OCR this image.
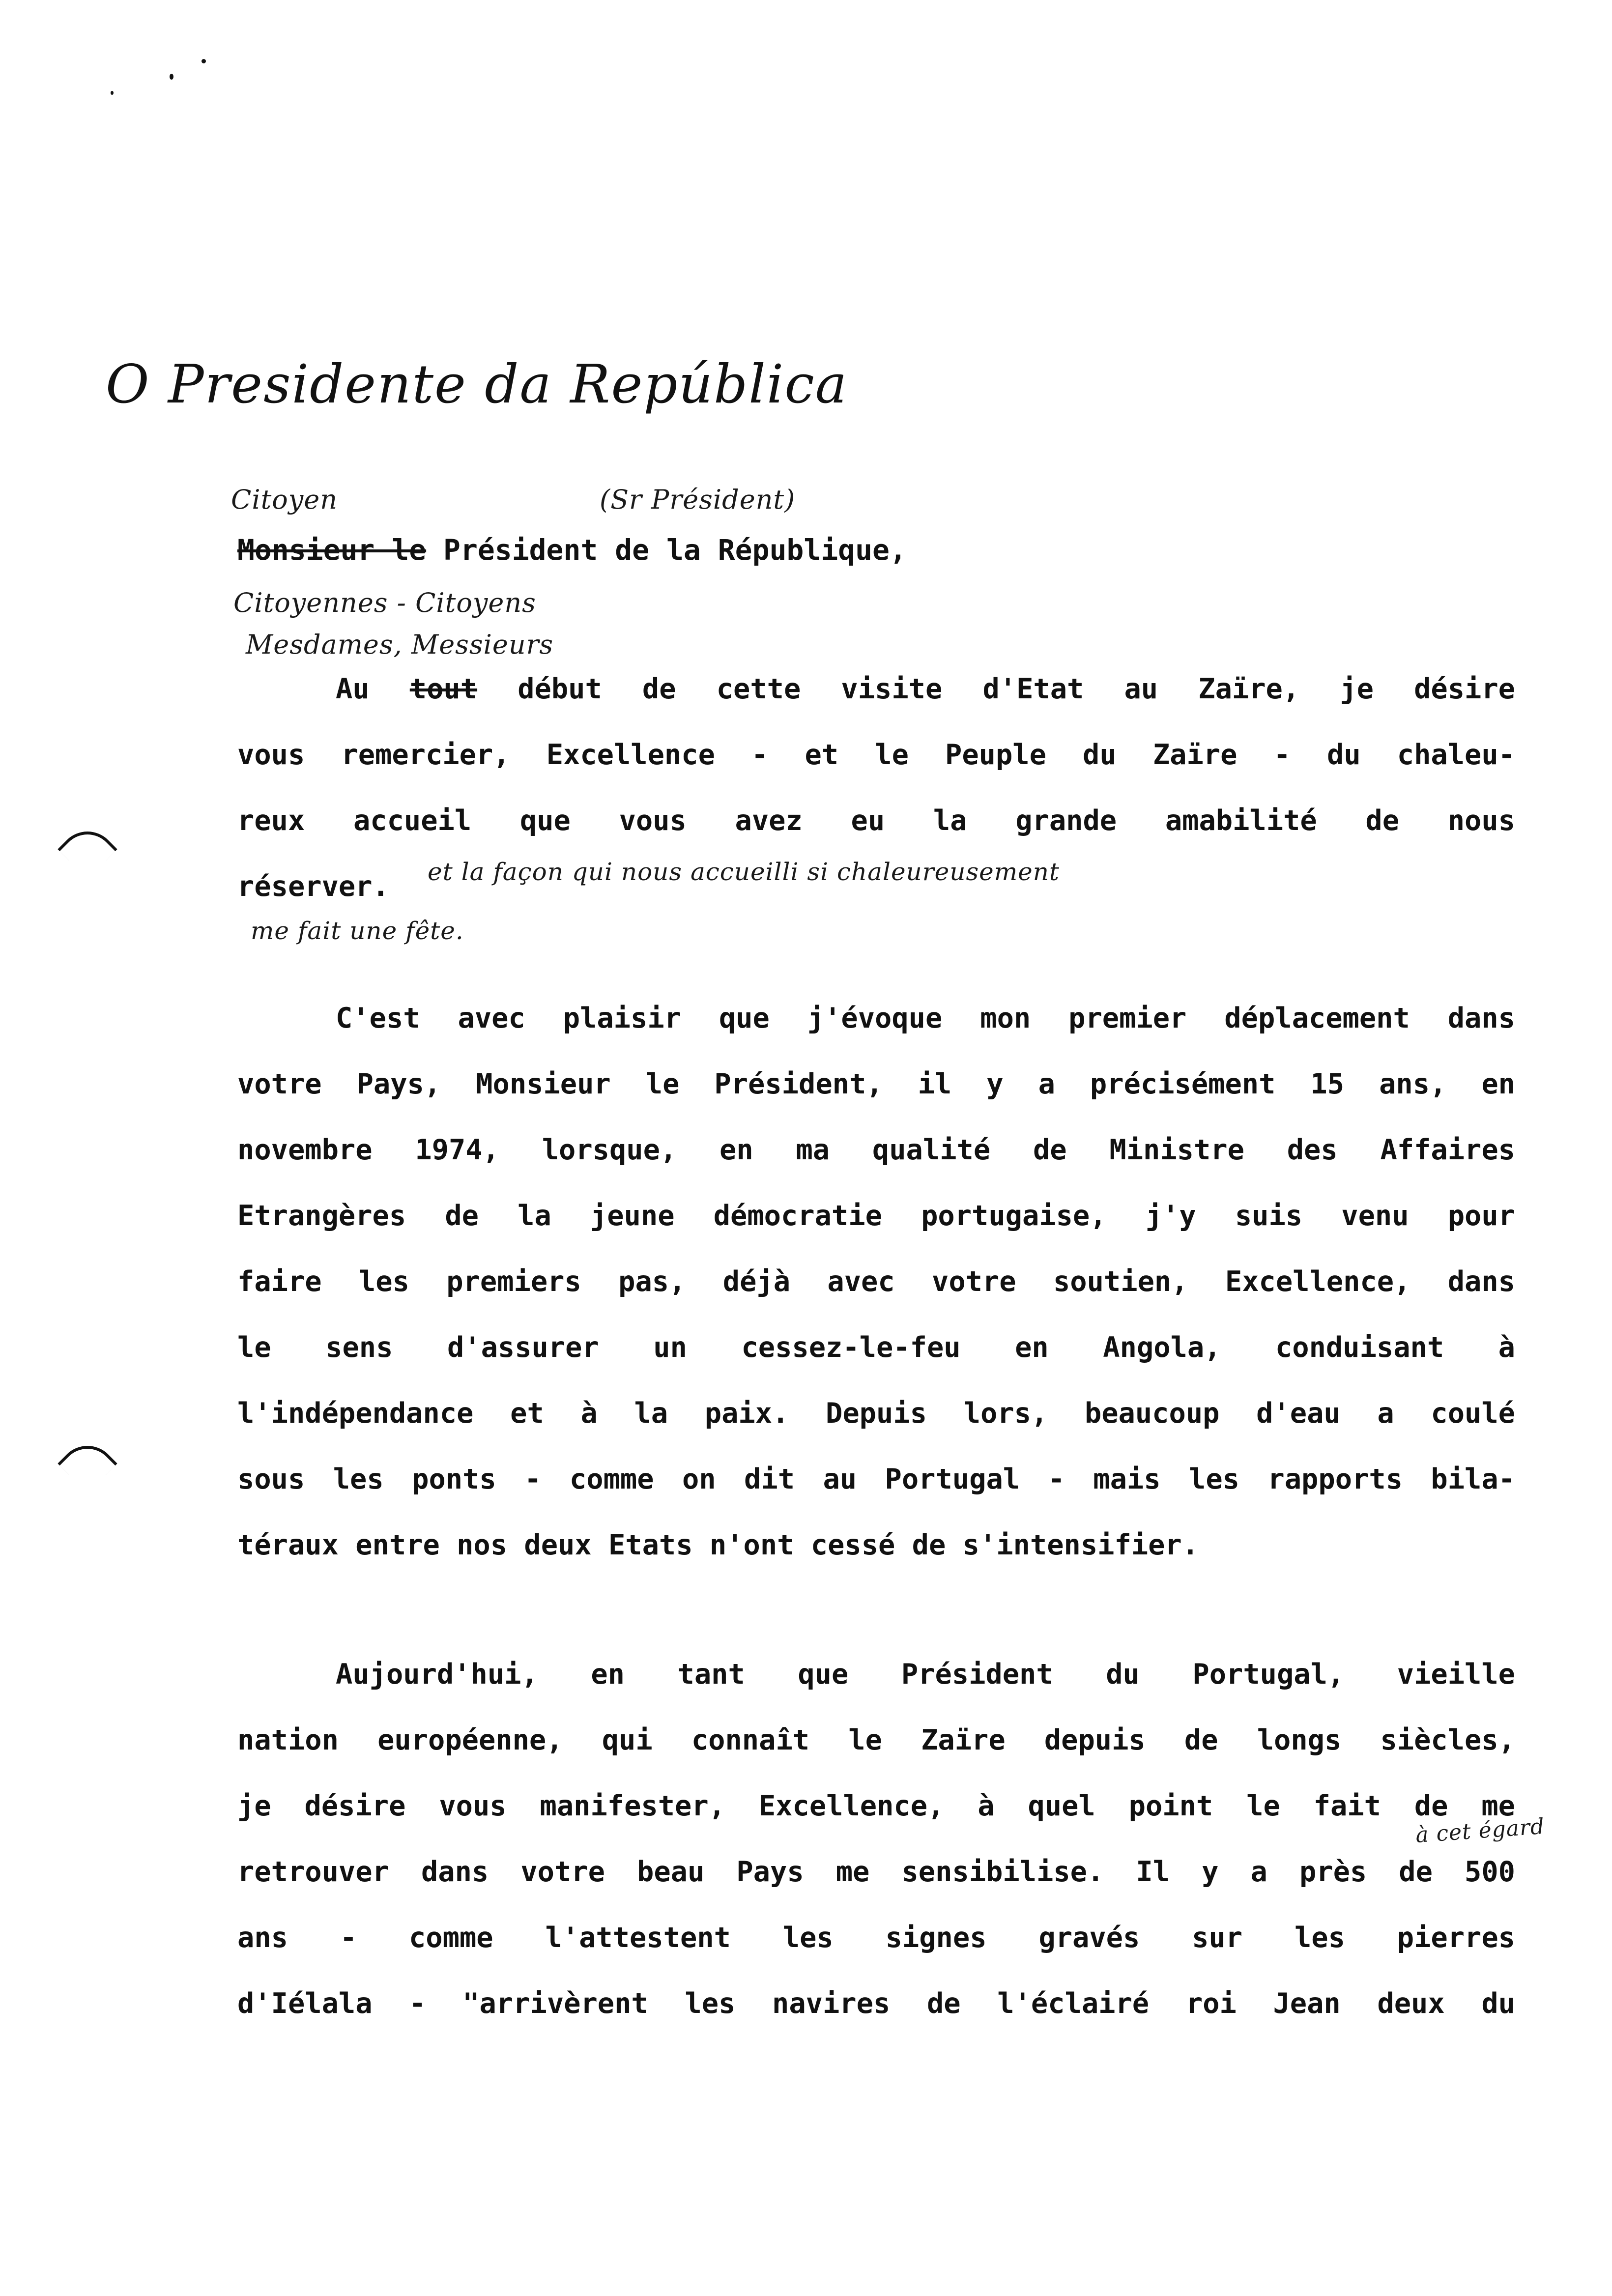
O Presidente da República
Citoyen	(Sr Président)
Monsieur le Président de la République,
Citoyennes - Citoyens
Mesdames, Messieurs
Au tout début de cette visite d'Etat au Zaïre, je désire
vous remercier, Excellence - et le Peuple du Zaïre - du chaleu-
reux accueil que vous avez eu la grande amabilité de nous
réserver.	et la façon qui nous accueilli si chaleureusement
me fait une fête.
C'est avec plaisir que j'évoque mon premier déplacement dans
votre Pays, Monsieur le Président, il y a précisément 15 ans, en
novembre 1974, lorsque, en ma qualité de Ministre des Affaires
Etrangères de la jeune démocratie portugaise, j'y suis venu pour
faire les premiers pas, déjà avec votre soutien, Excellence, dans
le sens d'assurer un cessez-le-feu en Angola, conduisant à
l'indépendance et à la paix. Depuis lors, beaucoup d'eau a coulé
sous les ponts - comme on dit au Portugal - mais les rapports bila-
téraux entre nos deux Etats n'ont cessé de s'intensifier.
Aujourd'hui, en tant que Président du Portugal, vieille
nation européenne, qui connaît le Zaïre depuis de longs siècles,
je désire vous manifester, Excellence, à quel point le fait de me
retrouver dans votre beau Pays me sensibilise. Il y a près de 500
ans - comme l'attestent les signes gravés sur les pierres
d'Iélala - "arrivèrent les navires de l'éclairé roi Jean deux du
à cet égard
